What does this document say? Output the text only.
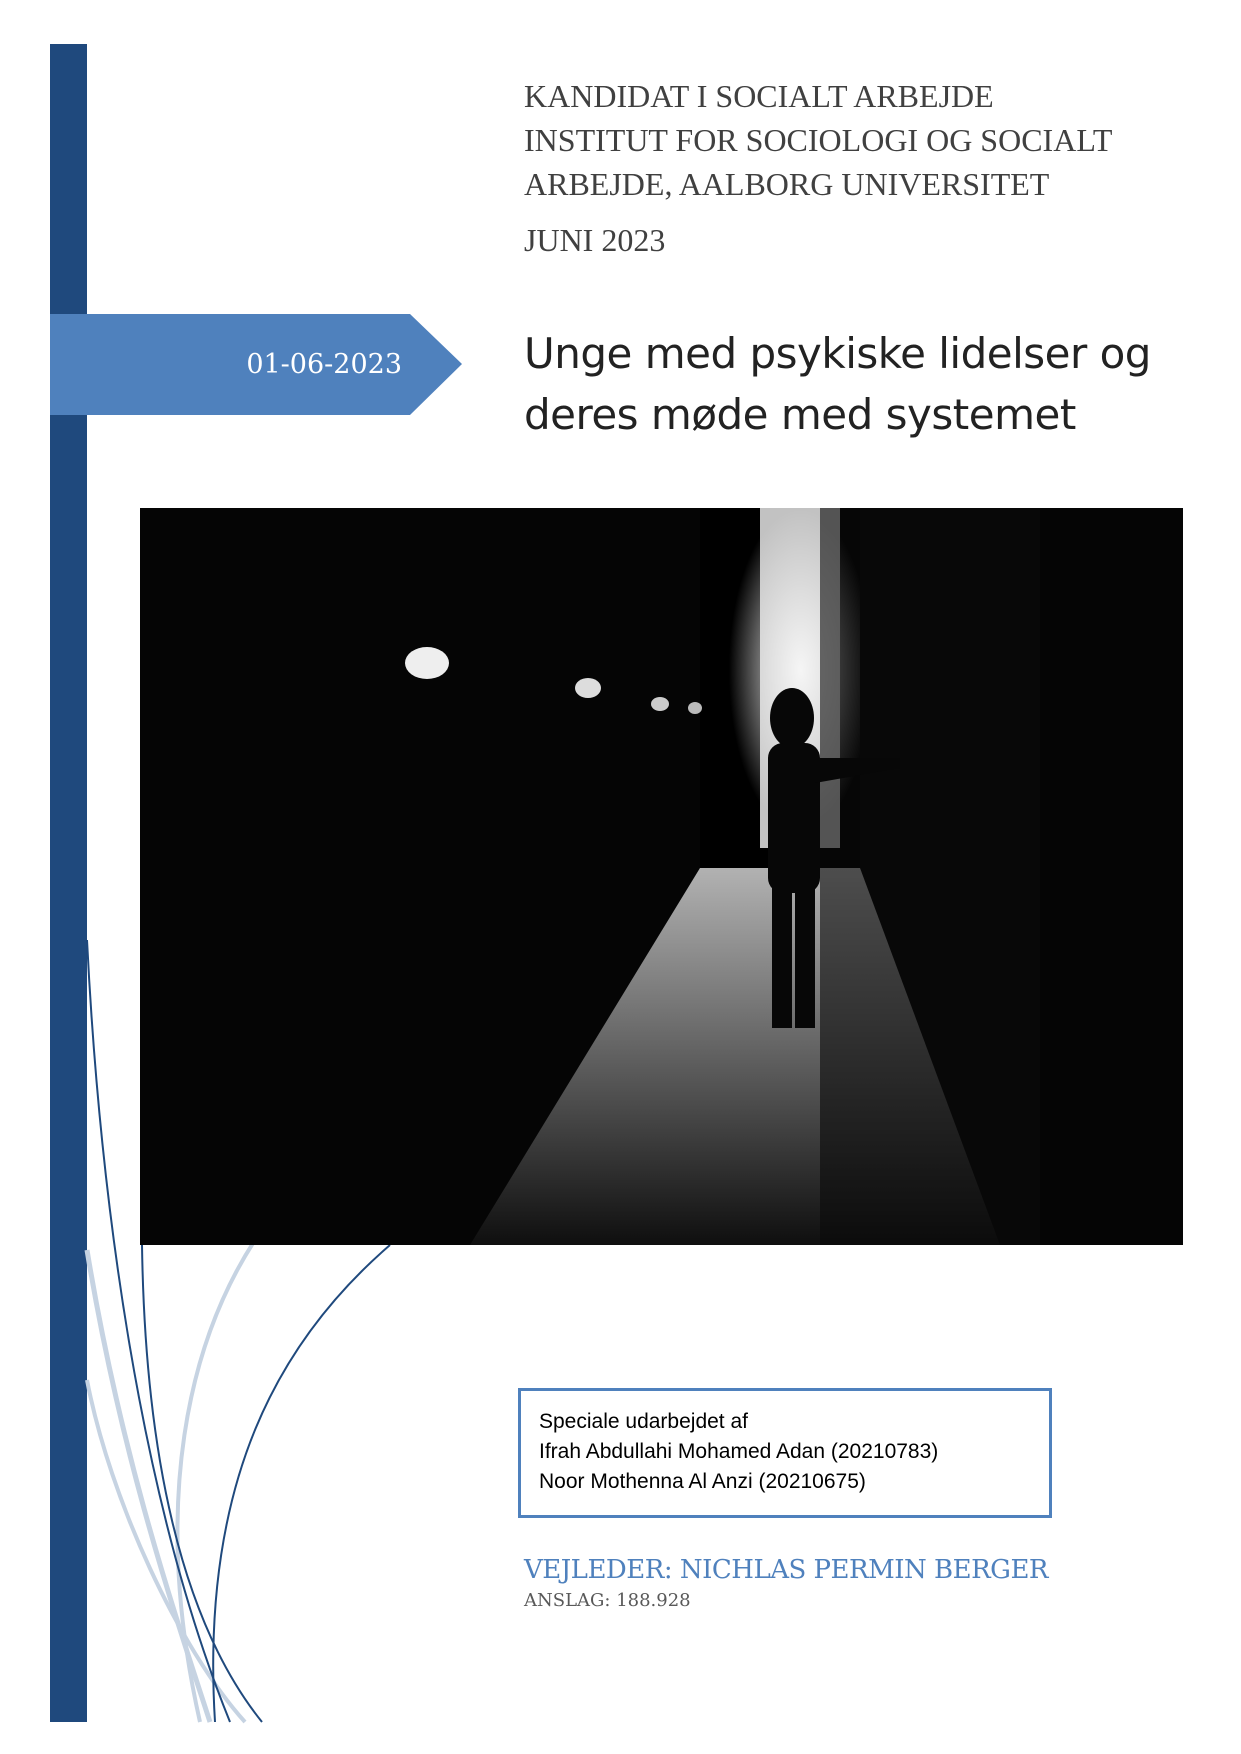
01-06-2023
KANDIDAT I SOCIALT ARBEJDE
INSTITUT FOR SOCIOLOGI OG SOCIALT
ARBEJDE, AALBORG UNIVERSITET
JUNI 2023
Unge med psykiske lidelser og
deres møde med systemet
Speciale udarbejdet af
Ifrah Abdullahi Mohamed Adan (20210783)
Noor Mothenna Al Anzi (20210675)
VEJLEDER: NICHLAS PERMIN BERGER
ANSLAG: 188.928
